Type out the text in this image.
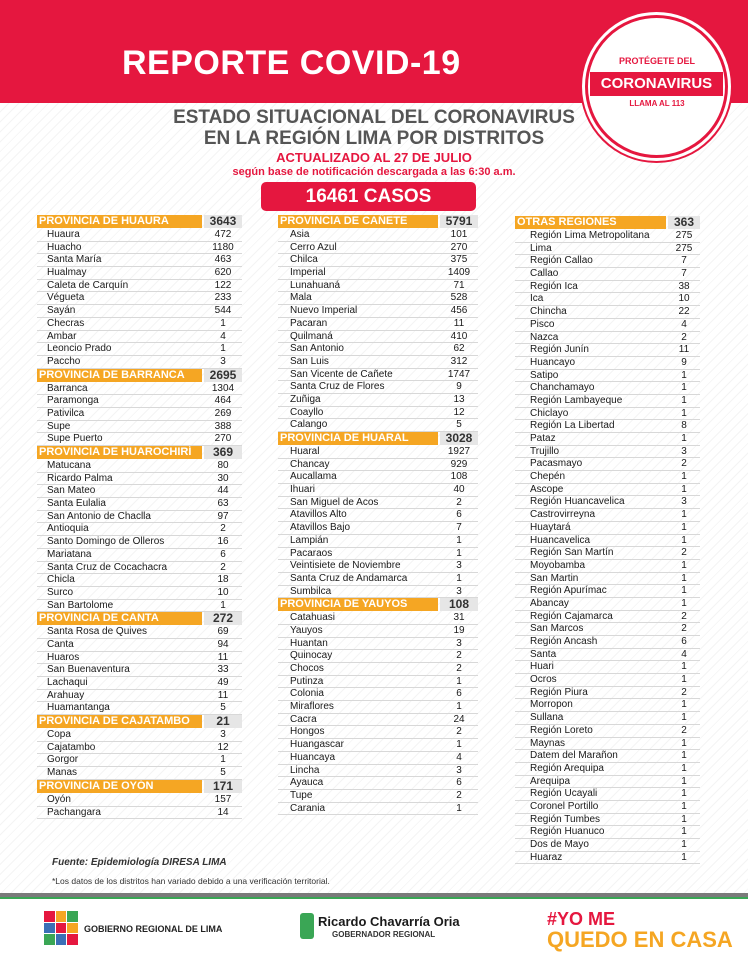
REPORTE COVID-19	PROTÉGETE DEL
CORONAVIRUS
LLAMA AL 113
ESTADO SITUACIONAL DEL CORONAVIRUS
EN LA REGIÓN LIMA POR DISTRITOS
ACTUALIZADO AL 27 DE JULIO
según base de notificación descargada a las 6:30 a.m.
16461 CASOS
PROVINCIA DE HUAURA	3643
Huaura	472
Huacho	1180
Santa María	463
Hualmay	620
Caleta de Carquín	122
Végueta	233
Sayán	544
Checras	1
Ambar	4
Leoncio Prado	1
Paccho	3
PROVINCIA DE BARRANCA	2695
Barranca	1304
Paramonga	464
Pativilca	269
Supe	388
Supe Puerto	270
PROVINCIA DE HUAROCHIRÍ	369
Matucana	80
Ricardo Palma	30
San Mateo	44
Santa Eulalia	63
San Antonio de Chaclla	97
Antioquia	2
Santo Domingo de Olleros	16
Mariatana	6
Santa Cruz de Cocachacra	2
Chicla	18
Surco	10
San Bartolome	1
PROVINCIA DE CANTA	272
Santa Rosa de Quives	69
Canta	94
Huaros	11
San Buenaventura	33
Lachaqui	49
Arahuay	11
Huamantanga	5
PROVINCIA DE CAJATAMBO	21
Copa	3
Cajatambo	12
Gorgor	1
Manas	5
PROVINCIA DE OYÓN	171
Oyón	157
Pachangara	14
PROVINCIA DE CAÑETE	5791
Asia	101
Cerro Azul	270
Chilca	375
Imperial	1409
Lunahuaná	71
Mala	528
Nuevo Imperial	456
Pacaran	11
Quilmaná	410
San Antonio	62
San Luis	312
San Vicente de Cañete	1747
Santa Cruz de Flores	9
Zuñiga	13
Coayllo	12
Calango	5
PROVINCIA DE HUARAL	3028
Huaral	1927
Chancay	929
Aucallama	108
Ihuari	40
San Miguel de Acos	2
Atavillos Alto	6
Atavillos Bajo	7
Lampián	1
Pacaraos	1
Veintisiete de Noviembre	3
Santa Cruz de Andamarca	1
Sumbilca	3
PROVINCIA DE YAUYOS	108
Catahuasi	31
Yauyos	19
Huantan	3
Quinocay	2
Chocos	2
Putinza	1
Colonia	6
Miraflores	1
Cacra	24
Hongos	2
Huangascar	1
Huancaya	4
Lincha	3
Ayauca	6
Tupe	2
Carania	1
OTRAS REGIONES	363
Región Lima Metropolitana	275
Lima	275
Región Callao	7
Callao	7
Región Ica	38
Ica	10
Chincha	22
Pisco	4
Nazca	2
Región Junín	11
Huancayo	9
Satipo	1
Chanchamayo	1
Región Lambayeque	1
Chiclayo	1
Región La Libertad	8
Pataz	1
Trujillo	3
Pacasmayo	2
Chepén	1
Ascope	1
Región Huancavelica	3
Castrovirreyna	1
Huaytará	1
Huancavelica	1
Región San Martín	2
Moyobamba	1
San Martin	1
Región Apurímac	1
Abancay	1
Región Cajamarca	2
San Marcos	2
Región Ancash	6
Santa	4
Huari	1
Ocros	1
Región Piura	2
Morropon	1
Sullana	1
Región Loreto	2
Maynas	1
Datem del Marañon	1
Región Arequipa	1
Arequipa	1
Región Ucayali	1
Coronel Portillo	1
Región Tumbes	1
Región Huanuco	1
Dos de Mayo	1
Huaraz	1
Fuente: Epidemiología DIRESA LIMA
*Los datos de los distritos han variado debido a una verificación territorial.
GOBIERNO REGIONAL DE LIMA	Ricardo Chavarría Oria
GOBERNADOR REGIONAL
#YO ME
QUEDO EN CASA
